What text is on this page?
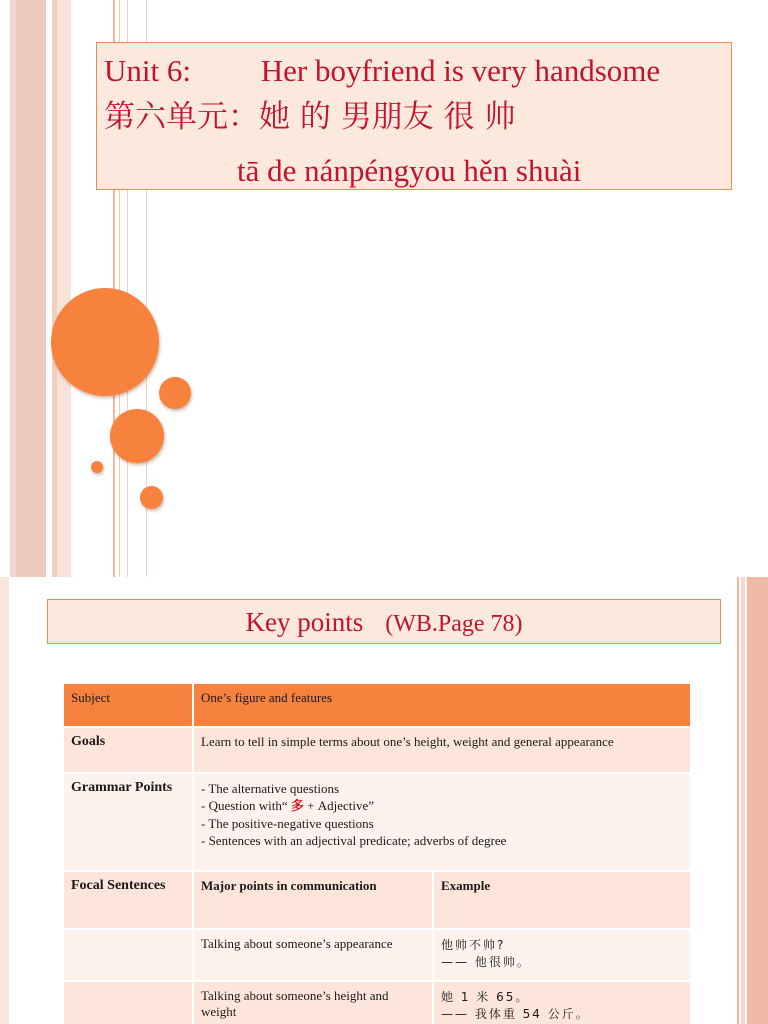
Unit 6:         Her boyfriend is very handsome
第六单元：她 的 男朋友 很 帅
tā de nánpéngyou hěn shuài
Key points (WB.Page 78)
Subject	One’s figure and features	
Goals	Learn to tell in simple terms about one’s height, weight and general appearance	
Grammar Points	- The alternative questions
- Question with“ 多 + Adjective”
- The positive-negative questions
- Sentences with an adjectival predicate; adverbs of degree	

Focal Sentences	Major points in communication	Example
	Talking about someone’s appearance	他帅不帅?
—— 他很帅。

	Talking about someone’s height and weight	她 1 米 65。
—— 我体重 54 公斤。
